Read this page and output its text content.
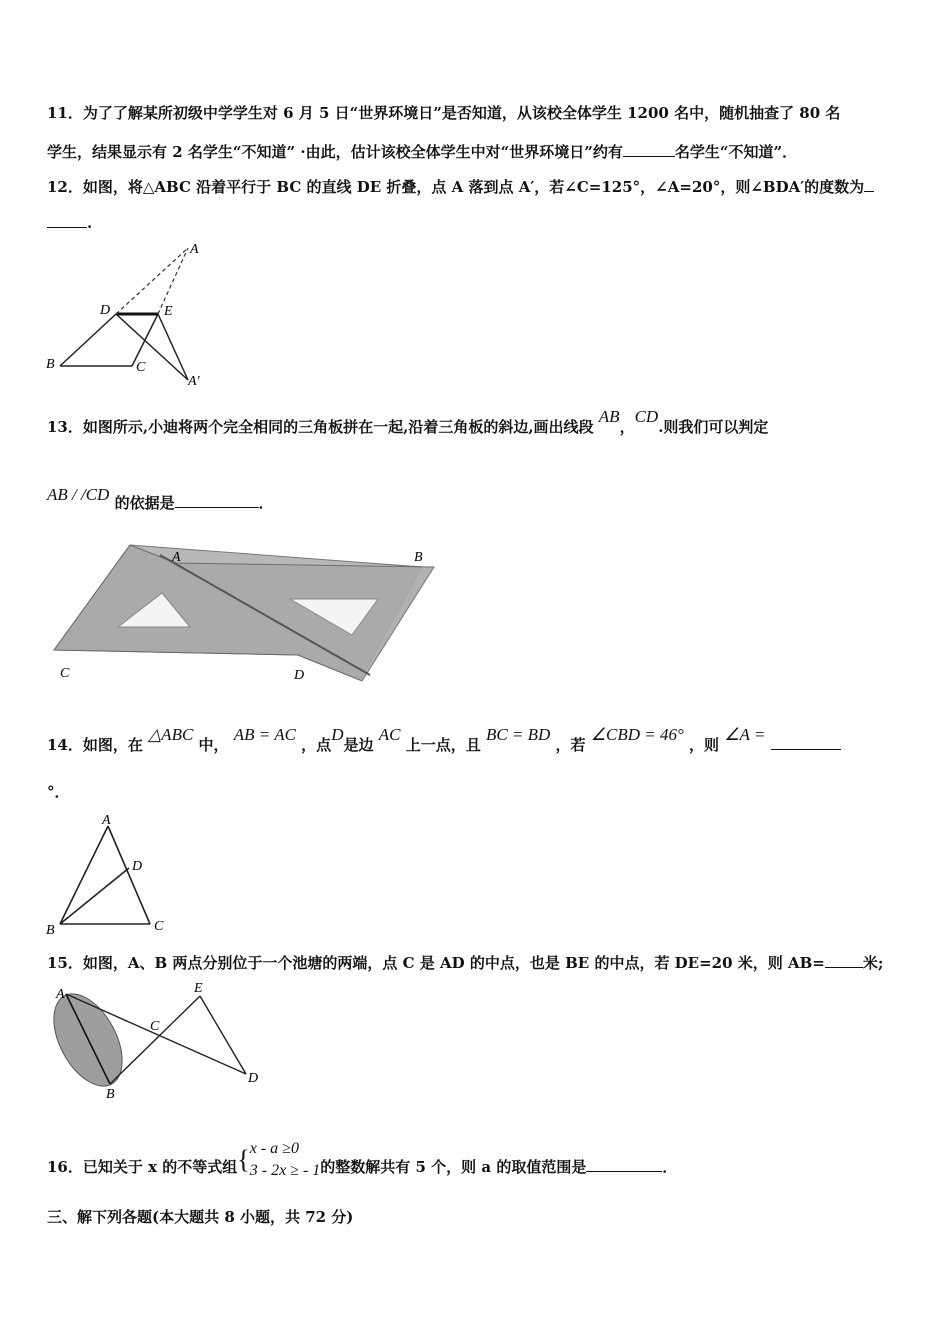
11．为了了解某所初级中学学生对 6 月 5 日“世界环境日”是否知道，从该校全体学生 1200 名中，随机抽查了 80 名
学生，结果显示有 2 名学生“不知道” ·由此，估计该校全体学生中对“世界环境日”约有	名学生“不知道”．
12．如图，将△ABC 沿着平行于 BC 的直线 DE 折叠，点 A 落到点 A′，若∠C=125°，∠A=20°，则∠BDA′的度数为
.
A
D	E
B	C
A′
13．如图所示,小迪将两个完全相同的三角板拼在一起,沿着三角板的斜边,画出线段 AB，CD.则我们可以判定
AB / /CD 的依据是	．
A	B
C	D
14．如图，在 △ABC 中， AB = AC ，点D是边 AC 上一点，且 BC = BD ，若 ∠CBD = 46° ，则 ∠A =
°．
A
D
B	C
15．如图，A、B 两点分别位于一个池塘的两端，点 C 是 AD 的中点，也是 BE 的中点，若 DE=20 米，则 AB=	米;
A
B
C
D
E
16．已知关于 x 的不等式组{ x - a ≥0
3 - 2x ≥ - 1 的整数解共有 5 个，则 a 的取值范围是	．
三、解下列各题(本大题共 8 小题，共 72 分)
